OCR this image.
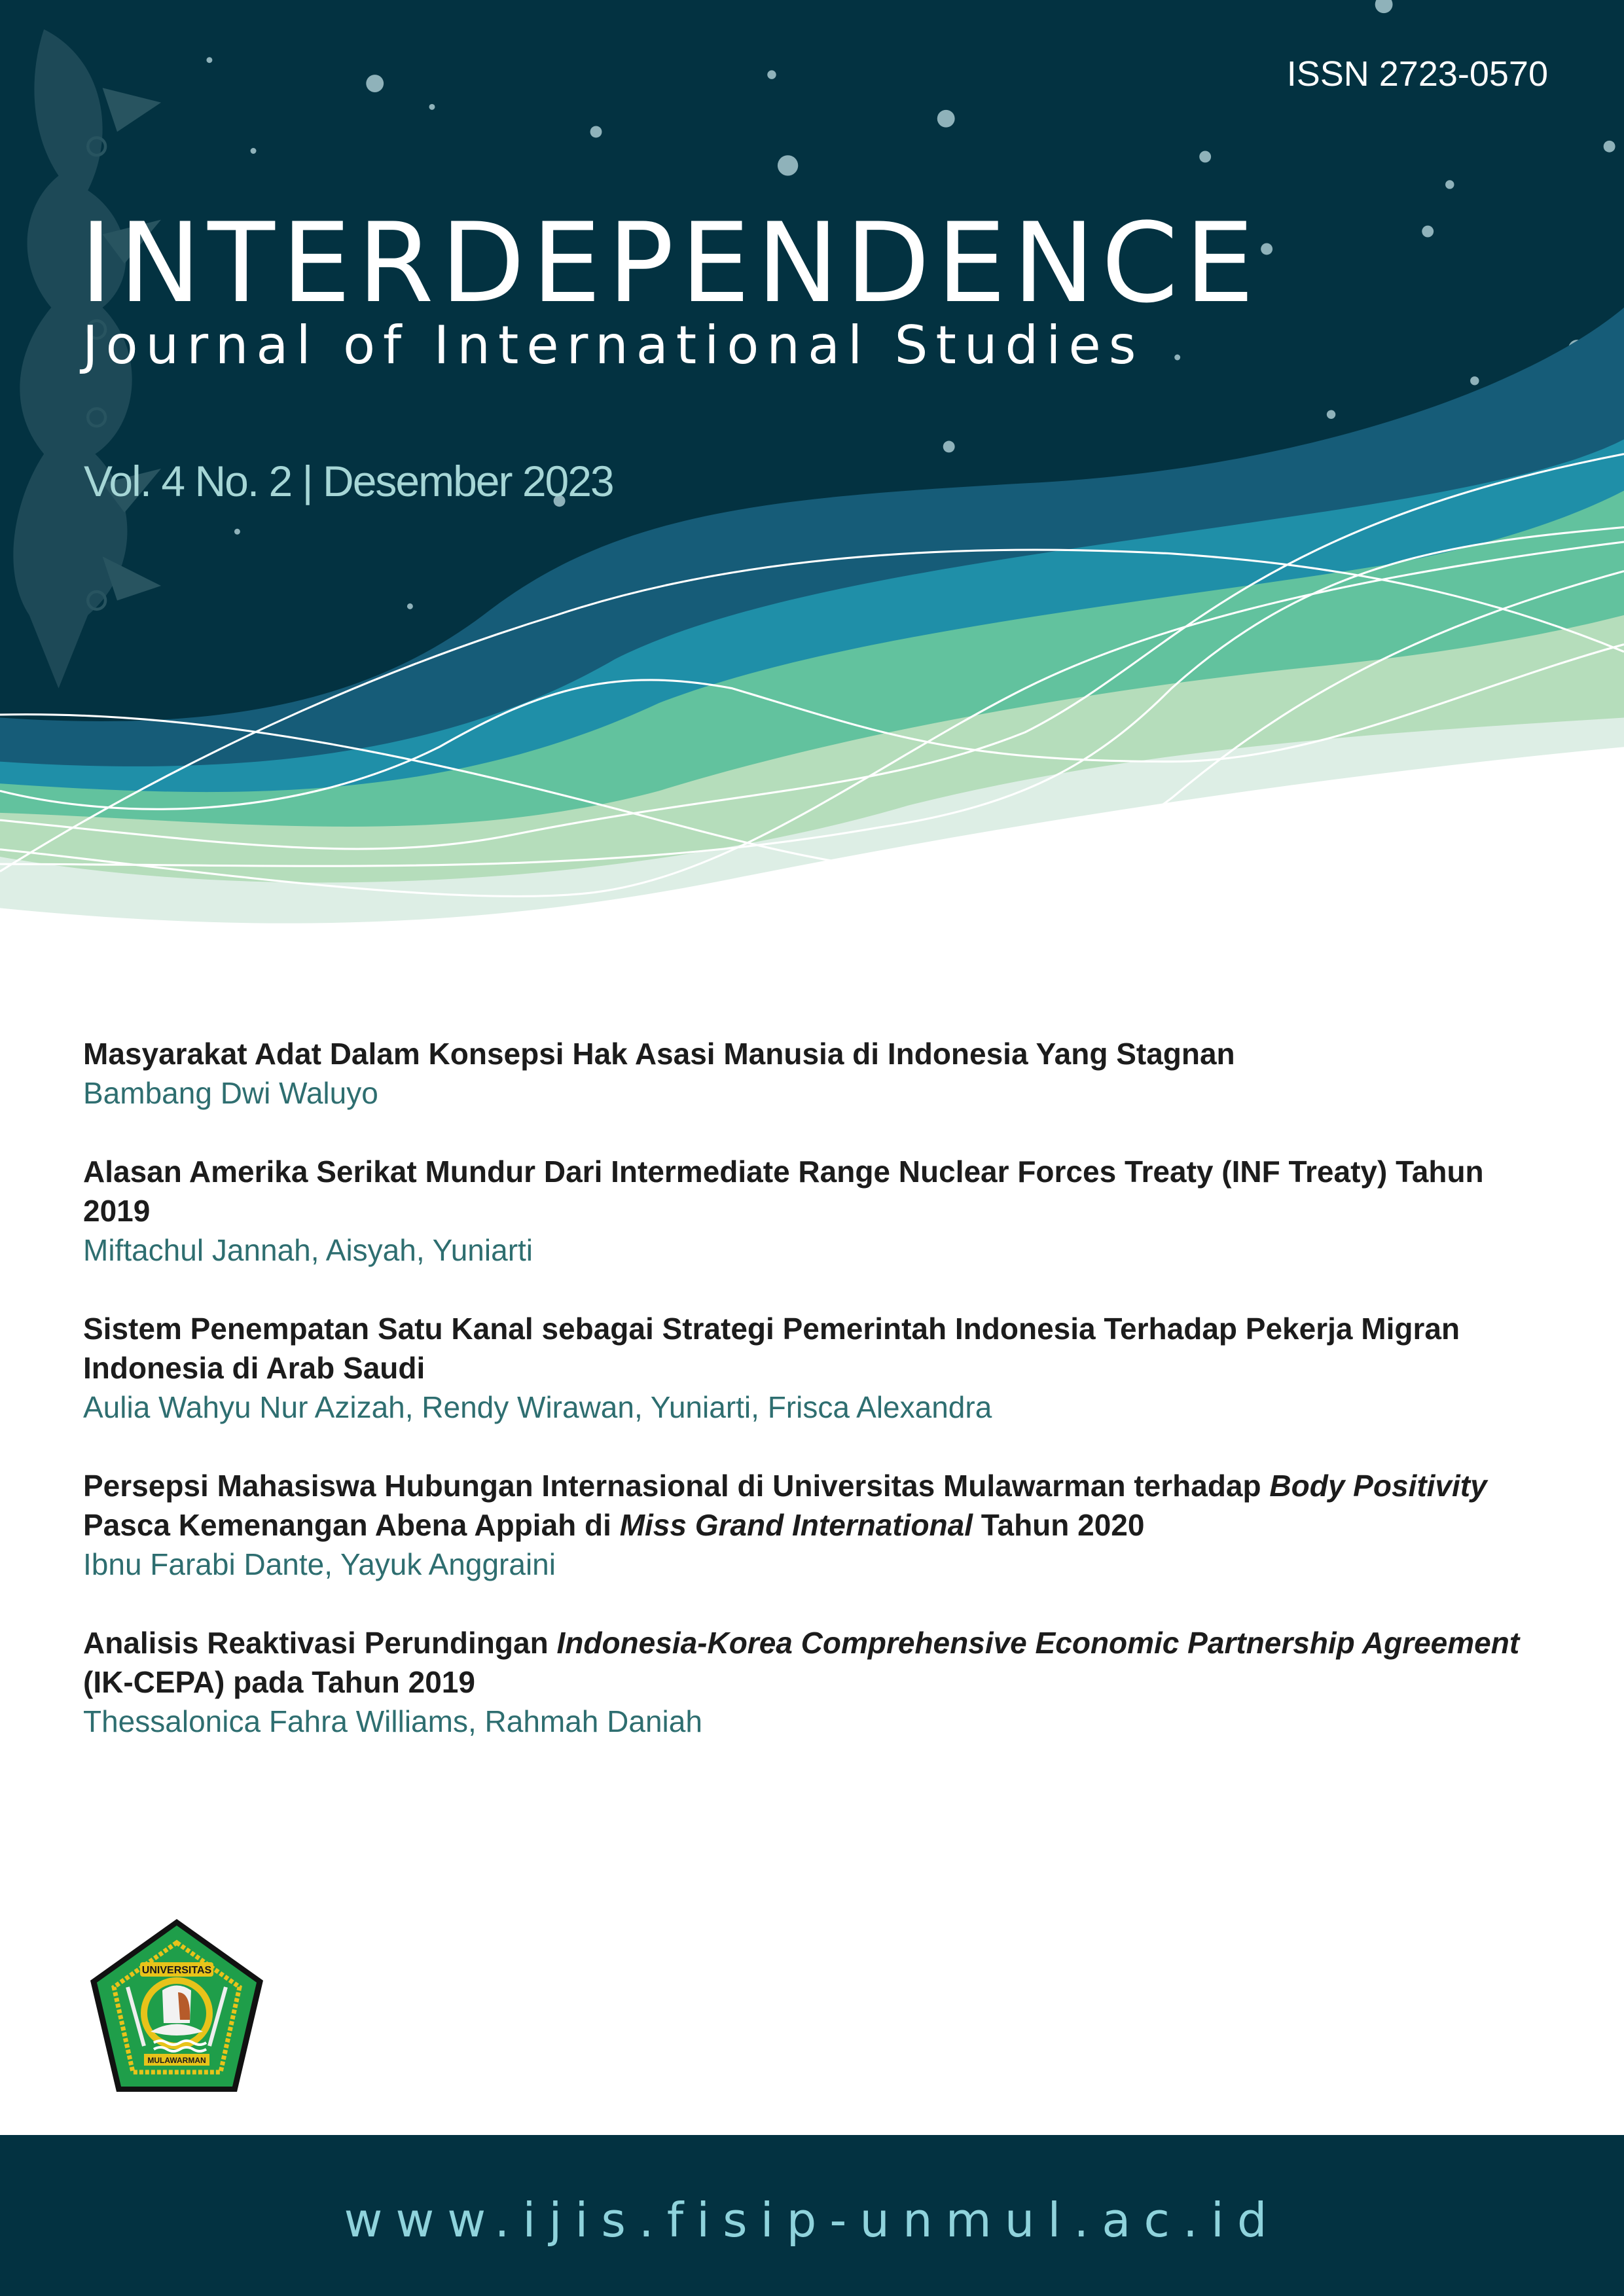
ISSN 2723-0570
INTERDEPENDENCE
Journal of International Studies
Vol. 4 No. 2 | Desember 2023
Masyarakat Adat Dalam Konsepsi Hak Asasi Manusia di Indonesia Yang Stagnan
Bambang Dwi Waluyo
Alasan Amerika Serikat Mundur Dari Intermediate Range Nuclear Forces Treaty (INF Treaty) Tahun 2019
Miftachul Jannah, Aisyah, Yuniarti
Sistem Penempatan Satu Kanal sebagai Strategi Pemerintah Indonesia Terhadap Pekerja Migran Indonesia di Arab Saudi
Aulia Wahyu Nur Azizah, Rendy Wirawan, Yuniarti, Frisca Alexandra
Persepsi Mahasiswa Hubungan Internasional di Universitas Mulawarman terhadap Body Positivity Pasca Kemenangan Abena Appiah di Miss Grand International Tahun 2020
Ibnu Farabi Dante, Yayuk Anggraini
Analisis Reaktivasi Perundingan Indonesia-Korea Comprehensive Economic Partnership Agreement (IK-CEPA) pada Tahun 2019
Thessalonica Fahra Williams, Rahmah Daniah
UNIVERSITAS
MULAWARMAN
www.ijis.fisip-unmul.ac.id
